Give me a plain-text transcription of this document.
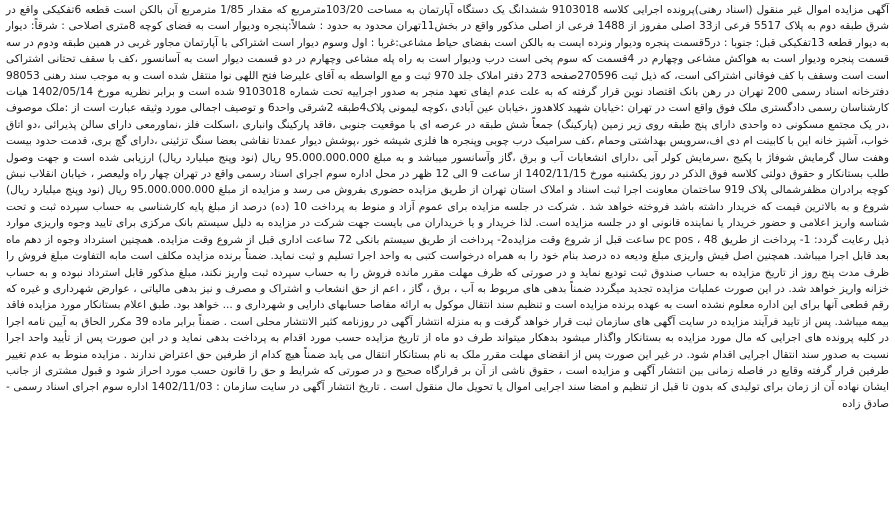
آگهی مزایده اموال غیر منقول (اسناد رهنی)پرونده اجرایی کلاسه 9103018 ششدانگ یک دستگاه آپارتمان به مساحت 103/20مترمربع که مقدار 1/85 مترمربع آن بالکن است قطعه 6تفکیکی واقع در شرق طبقه دوم به پلاک 5517 فرعی از33 اصلی مفروز از 1488 فرعی از اصلی مذکور واقع در بخش11تهران محدود به حدود : شمالاً:پنجره ودیوار است به فضای کوچه 8متری اصلاحی : شرقاً: دیوار به دیوار قطعه 13تفکیکی قبل: جنوبا : در5قسمت پنجره ودیوار ونرده ایست به بالکن است بفضای حیاط مشاعی:غربا : اول وسوم دیوار است اشتراکی با آپارتمان مجاور غربی در همین طبقه ودوم در سه قسمت پنجره ودیوار است به هواکش مشاعی وچهارم در 4قسمت که سوم پخی است درب ودیوار است به راه پله مشاعی وچهارم در دو قسمت دیوار است به آسانسور ،کف با سقف تحتانی اشتراکی است است وسقف با کف فوقانی اشتراکی است، که ذیل ثبت 270596صفحه 273 دفتر املاک جلد 970 ثبت و مع الواسطه به آقای علیرضا فتح اللهی نوا منتقل شده است و به موجب سند رهنی 98053 دفترخانه اسناد رسمی 200 تهران در رهن بانک اقتصاد نوین قرار گرفته که به علت عدم ایفای تعهد منجر به صدور اجراییه تحت شماره 9103018 شده است و برابر نظریه مورخ 1402/05/14 هیات کارشناسان رسمی دادگستری ملک فوق واقع است در تهران :خیابان شهید کلاهدوز ،خیابان عین آبادی ،کوچه لیمونی پلاک4طبقه 2شرقی واحد6 و توصیف اجمالی مورد وثیقه عبارت است از :ملک موصوف ،در یک مجتمع مسکونی ده واحدی دارای پنج طبقه روی زیر زمین (پارکینگ) جمعاً شش طبقه در عرصه ای با موقعیت جنوبی ،فاقد پارکینگ وانباری ،اسکلت فلز ،نماورمعی دارای سالن پذیرائی ،دو اتاق خواب، آشپز خانه این با کابینت ام دی اف،سرویس بهداشتی وحمام ،کف سرامیک درب چوبی وپنجره ها فلزی شیشه خور ،پوشش دیوار عمدتا نقاشی بعضا سنگ تزئینی ،دارای گچ بری، قدمت حدود بیست وهفت سال گرمایش شوفاژ با پکیج ،سرمایش کولر آبی ،دارای انشعابات آب و برق ،گاز وآسانسور میباشد و به مبلغ 95.000.000.000 ریال (نود وپنج میلیارد ریال) ارزیابی شده است و جهت وصول طلب بستانکار و حقوق دولتی کلاسه فوق الذکر در روز یکشنبه مورخ 1402/11/15 از ساعت 9 الی 12 ظهر در محل اداره سوم اجرای اسناد رسمی واقع در تهران چهار راه ولیعصر ، خیابان انقلاب نبش کوچه برادران مظفرشمالی پلاک 919 ساختمان معاونت اجرا ثبت اسناد و املاک استان تهران از طریق مزایده حضوری بفروش می رسد و مزایده از مبلغ 95.000.000.000 ریال (نود وپنج میلیارد ریال) شروع و به بالاترین قیمت که خریدار داشته باشد فروخته خواهد شد . شرکت در جلسه مزایده برای عموم آزاد و منوط به پرداخت 10 (ده) درصد از مبلغ پایه کارشناسی به حساب سپرده ثبت و تحت شناسه واریز اعلامی و حضور خریدار یا نماینده قانونی او در جلسه مزایده است. لذا خریدار و یا خریداران می بایست جهت شرکت در مزایده به دلیل سیستم بانک مرکزی برای تایید وجوه واریزی موارد ذیل رعایت گردد: 1- پرداخت از طریق pc pos ، 48 ساعت قبل از شروع وقت مزایده2- پرداخت از طریق سیستم بانکی 72 ساعت اداری قبل از شروع وقت مزایده. همچنین استرداد وجوه از دهم ماه بعد قابل اجرا میباشد. همچنین اصل فیش واریزی مبلغ ودیعه ده درصد بنام خود را به همراه درخواست کتبی به واحد اجرا تسلیم و ثبت نماید. ضمناً برنده مزایده مکلف است مابه التفاوت مبلغ فروش را ظرف مدت پنج روز از تاریخ مزایده به حساب صندوق ثبت تودیع نماید و در صورتی که ظرف مهلت مقرر مانده فروش را به حساب سپرده ثبت واریز نکند، مبلغ مذکور قابل استرداد نبوده و به حساب خزانه واریز خواهد شد. در این صورت عملیات مزایده تجدید میگردد ضمناً بدهی های مربوط به آب ، برق ، گاز ، اعم از حق انشعاب و اشتراک و مصرف و نیز بدهی مالیاتی ، عوارض شهرداری و غیره که رقم قطعی آنها برای این اداره معلوم نشده است به عهده برنده مزایده است و تنظیم سند انتقال موکول به ارائه مفاصا حسابهای دارایی و شهرداری و ... خواهد بود. طبق اعلام بستانکار مورد مزایده فاقد بیمه میباشد. پس از تایید فرآیند مزایده در سایت آگهی های سازمان ثبت قرار خواهد گرفت و به منزله انتشار آگهی در روزنامه کثیر الانتشار محلی است . ضمناً برابر ماده 39 مکرر الحاق به آیین نامه اجرا در کلیه پرونده های اجرایی که مال مورد مزایده به بستانکار واگذار میشود بدهکار میتواند طرف دو ماه از تاریخ مزایده حسب مورد اقدام به پرداخت بدهی نماید و در این صورت پس از تأیید واحد اجرا نسبت به صدور سند انتقال اجرایی اقدام شود. در غیر این صورت پس از انقضای مهلت مقرر ملک به نام بستانکار انتقال می یابد ضمناً هیچ کدام از طرفین حق اعتراض ندارند . مزایده منوط به عدم تغییر طرفین قرار گرفته وقایع در فاصله زمانی بین انتشار آگهی و مزایده است ، حقوق ناشی از آن بر قرارگاه صحیح و در صورتی که شرایط و حق را قانون حسب مورد احراز شود و قبول مشتری از جانب ایشان نهاده آن از زمان برای تولیدی که بدون تا قبل از تنظیم و امضا سند اجرایی اموال یا تحویل مال منقول است . تاریخ انتشار آگهی در سایت سازمان : 1402/11/03 اداره سوم اجرای اسناد رسمی - صادق زاده
